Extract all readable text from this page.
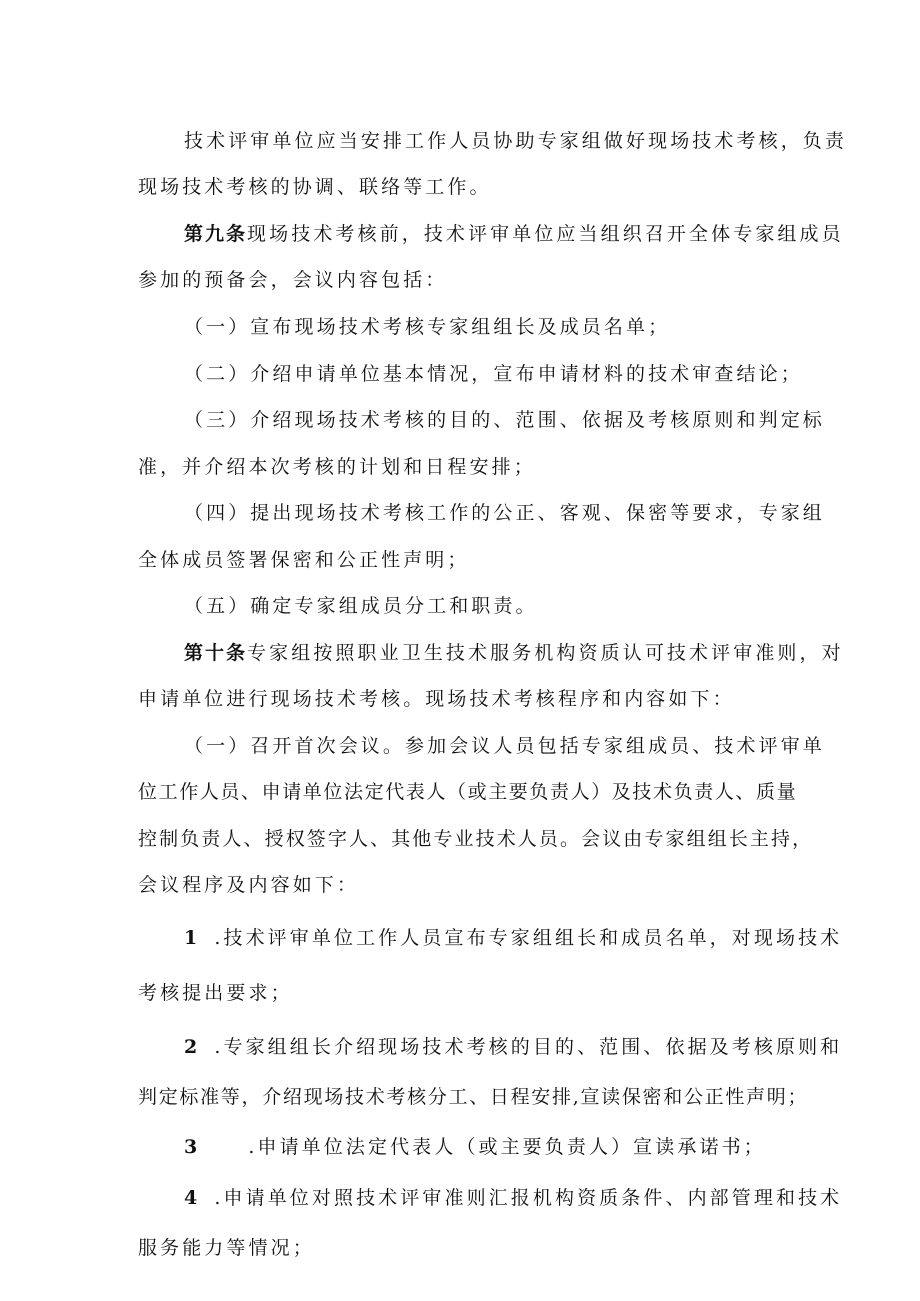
技术评审单位应当安排工作人员协助专家组做好现场技术考核，负责
现场技术考核的协调、联络等工作。
第九条现场技术考核前，技术评审单位应当组织召开全体专家组成员
参加的预备会，会议内容包括：
（一）宣布现场技术考核专家组组长及成员名单；
（二）介绍申请单位基本情况，宣布申请材料的技术审查结论；
（三）介绍现场技术考核的目的、范围、依据及考核原则和判定标
准，并介绍本次考核的计划和日程安排；
（四）提出现场技术考核工作的公正、客观、保密等要求，专家组
全体成员签署保密和公正性声明；
（五）确定专家组成员分工和职责。
第十条专家组按照职业卫生技术服务机构资质认可技术评审准则，对
申请单位进行现场技术考核。现场技术考核程序和内容如下：
（一）召开首次会议。参加会议人员包括专家组成员、技术评审单
位工作人员、申请单位法定代表人（或主要负责人）及技术负责人、质量
控制负责人、授权签字人、其他专业技术人员。会议由专家组组长主持，
会议程序及内容如下：
1 .技术评审单位工作人员宣布专家组组长和成员名单，对现场技术
考核提出要求；
2 .专家组组长介绍现场技术考核的目的、范围、依据及考核原则和
判定标准等，介绍现场技术考核分工、日程安排,宣读保密和公正性声明；
3	.申请单位法定代表人（或主要负责人）宣读承诺书；
4 .申请单位对照技术评审准则汇报机构资质条件、内部管理和技术
服务能力等情况；
